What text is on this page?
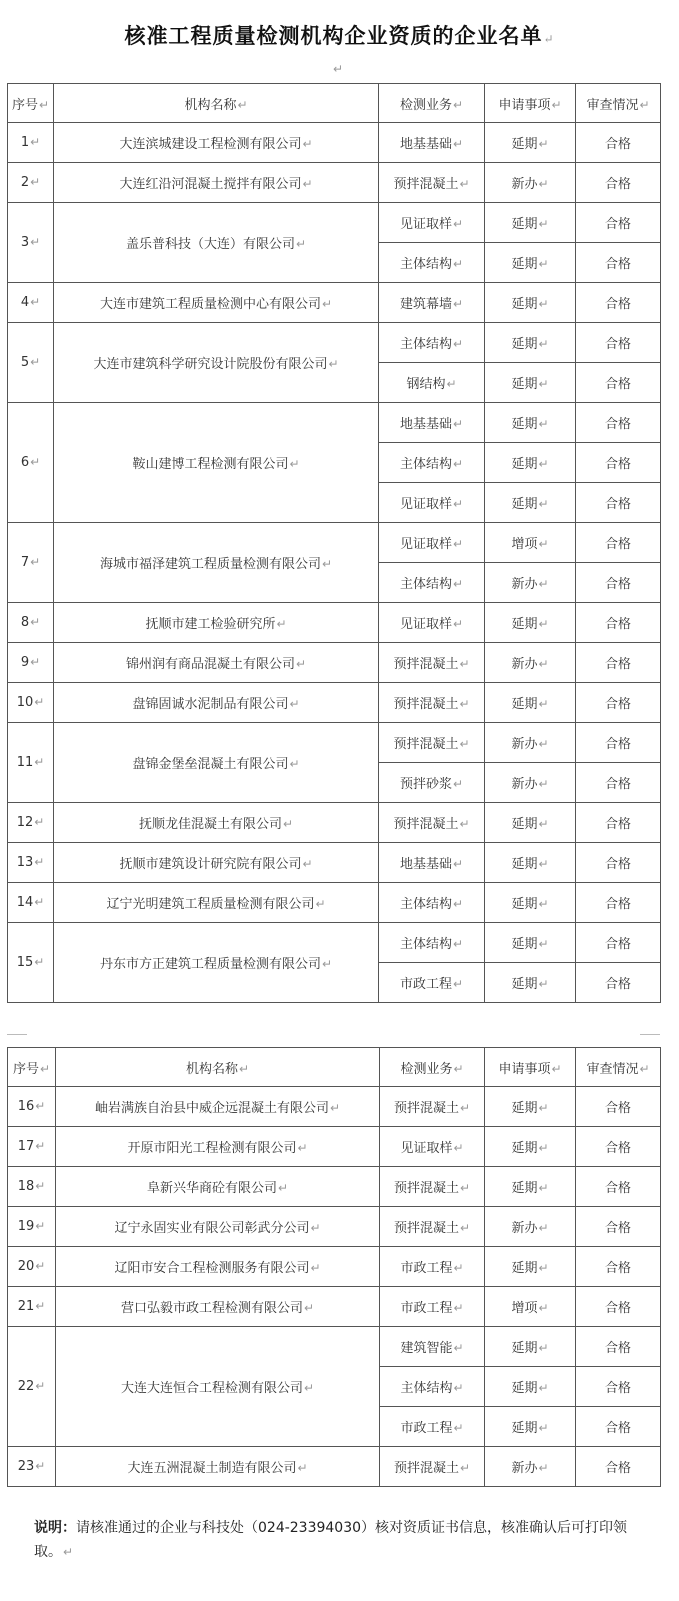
核准工程质量检测机构企业资质的企业名单↵
↵
序号↵	机构名称↵	检测业务↵	申请事项↵	审查情况↵
1↵	大连滨城建设工程检测有限公司↵	地基基础↵	延期↵	合格
2↵	大连红沿河混凝土搅拌有限公司↵	预拌混凝土↵	新办↵	合格
3↵	盖乐普科技（大连）有限公司↵	见证取样↵	延期↵	合格
		主体结构↵	延期↵	合格
4↵	大连市建筑工程质量检测中心有限公司↵	建筑幕墙↵	延期↵	合格
5↵	大连市建筑科学研究设计院股份有限公司↵	主体结构↵	延期↵	合格
		钢结构↵	延期↵	合格
6↵	鞍山建博工程检测有限公司↵	地基基础↵	延期↵	合格
		主体结构↵	延期↵	合格
		见证取样↵	延期↵	合格
7↵	海城市福泽建筑工程质量检测有限公司↵	见证取样↵	增项↵	合格
		主体结构↵	新办↵	合格
8↵	抚顺市建工检验研究所↵	见证取样↵	延期↵	合格
9↵	锦州润有商品混凝土有限公司↵	预拌混凝土↵	新办↵	合格
10↵	盘锦固诚水泥制品有限公司↵	预拌混凝土↵	延期↵	合格
11↵	盘锦金堡垒混凝土有限公司↵	预拌混凝土↵	新办↵	合格
		预拌砂浆↵	新办↵	合格
12↵	抚顺龙佳混凝土有限公司↵	预拌混凝土↵	延期↵	合格
13↵	抚顺市建筑设计研究院有限公司↵	地基基础↵	延期↵	合格
14↵	辽宁光明建筑工程质量检测有限公司↵	主体结构↵	延期↵	合格
15↵	丹东市方正建筑工程质量检测有限公司↵	主体结构↵	延期↵	合格
		市政工程↵	延期↵	合格
序号↵	机构名称↵	检测业务↵	申请事项↵	审查情况↵
16↵	岫岩满族自治县中威企远混凝土有限公司↵	预拌混凝土↵	延期↵	合格
17↵	开原市阳光工程检测有限公司↵	见证取样↵	延期↵	合格
18↵	阜新兴华商砼有限公司↵	预拌混凝土↵	延期↵	合格
19↵	辽宁永固实业有限公司彰武分公司↵	预拌混凝土↵	新办↵	合格
20↵	辽阳市安合工程检测服务有限公司↵	市政工程↵	延期↵	合格
21↵	营口弘毅市政工程检测有限公司↵	市政工程↵	增项↵	合格
22↵	大连大连恒合工程检测有限公司↵	建筑智能↵	延期↵	合格
		主体结构↵	延期↵	合格
		市政工程↵	延期↵	合格
23↵	大连五洲混凝土制造有限公司↵	预拌混凝土↵	新办↵	合格
说明：请核准通过的企业与科技处（024-23394030）核对资质证书信息，核准确认后可打印领取。↵
